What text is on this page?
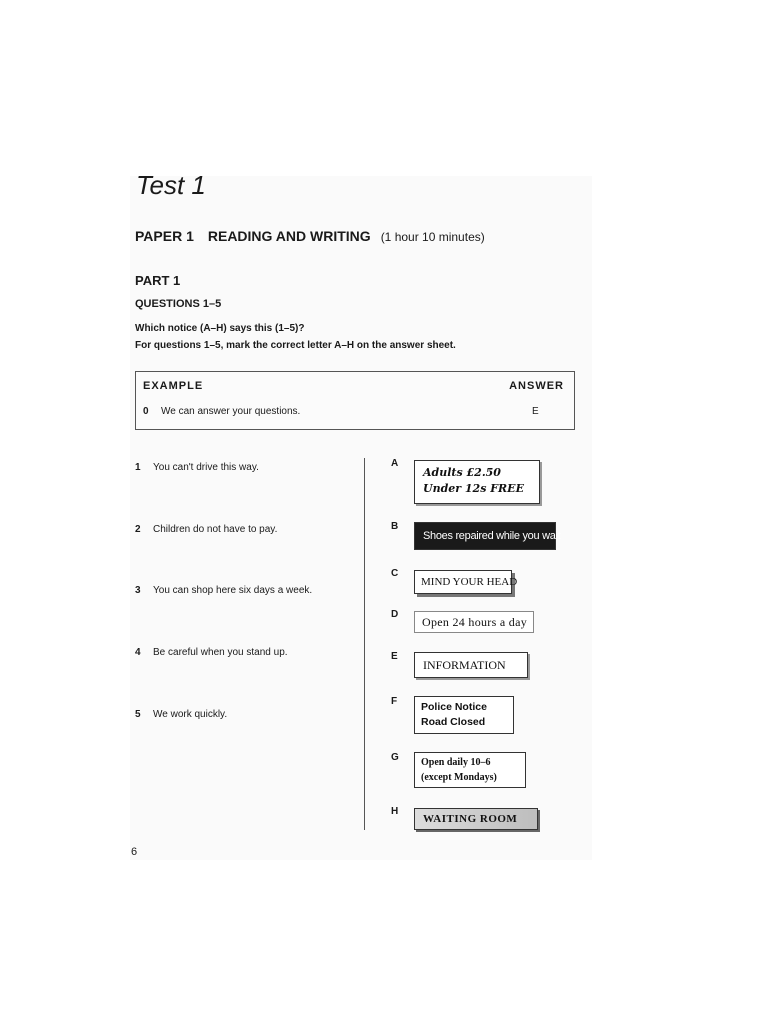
Test 1
PAPER 1 READING AND WRITING (1 hour 10 minutes)
PART 1
QUESTIONS 1–5
Which notice (A–H) says this (1–5)?
For questions 1–5, mark the correct letter A–H on the answer sheet.
EXAMPLE	ANSWER
0 We can answer your questions.	E
1 You can't drive this way.
2 Children do not have to pay.
3 You can shop here six days a week.
4 Be careful when you stand up.
5 We work quickly.
A
Adults £2.50
Under 12s FREE
B
Shoes repaired while you wait
C
MIND YOUR HEAD
D
Open 24 hours a day
E
INFORMATION
F Police Notice
Road Closed
G Open daily 10–6
(except Mondays)
H
WAITING ROOM
6
